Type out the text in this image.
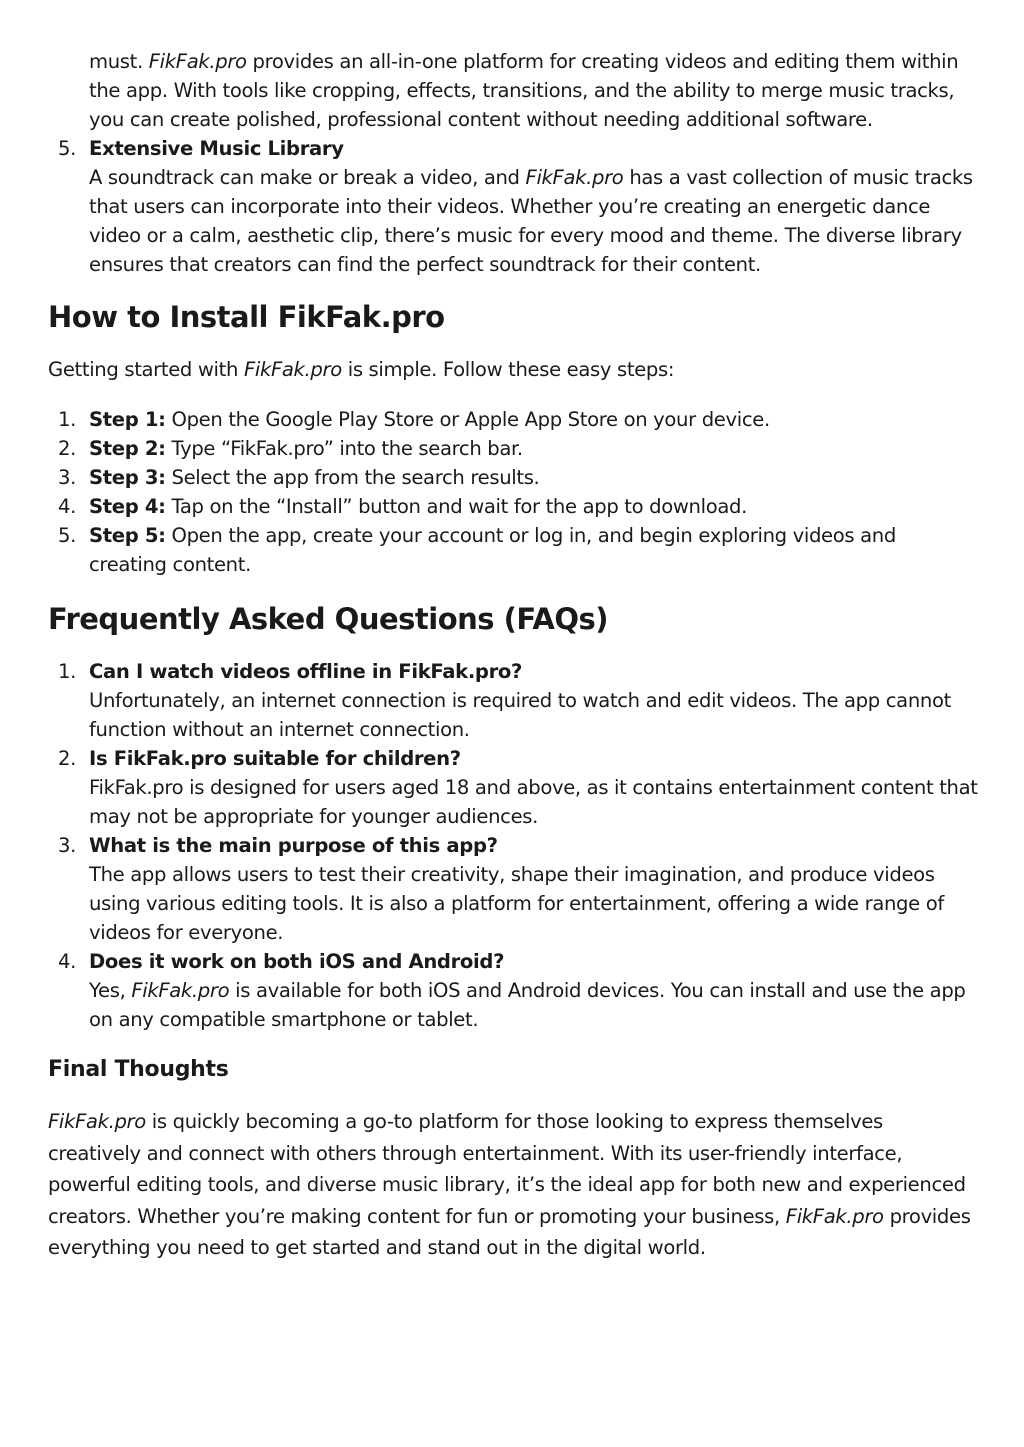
must. FikFak.pro provides an all-in-one platform for creating videos and editing them within the app. With tools like cropping, effects, transitions, and the ability to merge music tracks, you can create polished, professional content without needing additional software.

5. Extensive Music Library

A soundtrack can make or break a video, and FikFak.pro has a vast collection of music tracks that users can incorporate into their videos. Whether you’re creating an energetic dance video or a calm, aesthetic clip, there’s music for every mood and theme. The diverse library ensures that creators can find the perfect soundtrack for their content.

How to Install FikFak.pro

Getting started with FikFak.pro is simple. Follow these easy steps:

1. Step 1: Open the Google Play Store or Apple App Store on your device.
2. Step 2: Type “FikFak.pro” into the search bar.
3. Step 3: Select the app from the search results.
4. Step 4: Tap on the “Install” button and wait for the app to download.
5. Step 5: Open the app, create your account or log in, and begin exploring videos and creating content.
Frequently Asked Questions (FAQs)
1. Can I watch videos offline in FikFak.pro?
Unfortunately, an internet connection is required to watch and edit videos. The app cannot function without an internet connection.
2. Is FikFak.pro suitable for children?
FikFak.pro is designed for users aged 18 and above, as it contains entertainment content that may not be appropriate for younger audiences.
3. What is the main purpose of this app?
The app allows users to test their creativity, shape their imagination, and produce videos using various editing tools. It is also a platform for entertainment, offering a wide range of videos for everyone.
4. Does it work on both iOS and Android?
Yes, FikFak.pro is available for both iOS and Android devices. You can install and use the app on any compatible smartphone or tablet.
Final Thoughts

FikFak.pro is quickly becoming a go-to platform for those looking to express themselves creatively and connect with others through entertainment. With its user-friendly interface, powerful editing tools, and diverse music library, it’s the ideal app for both new and experienced creators. Whether you’re making content for fun or promoting your business, FikFak.pro provides everything you need to get started and stand out in the digital world.
